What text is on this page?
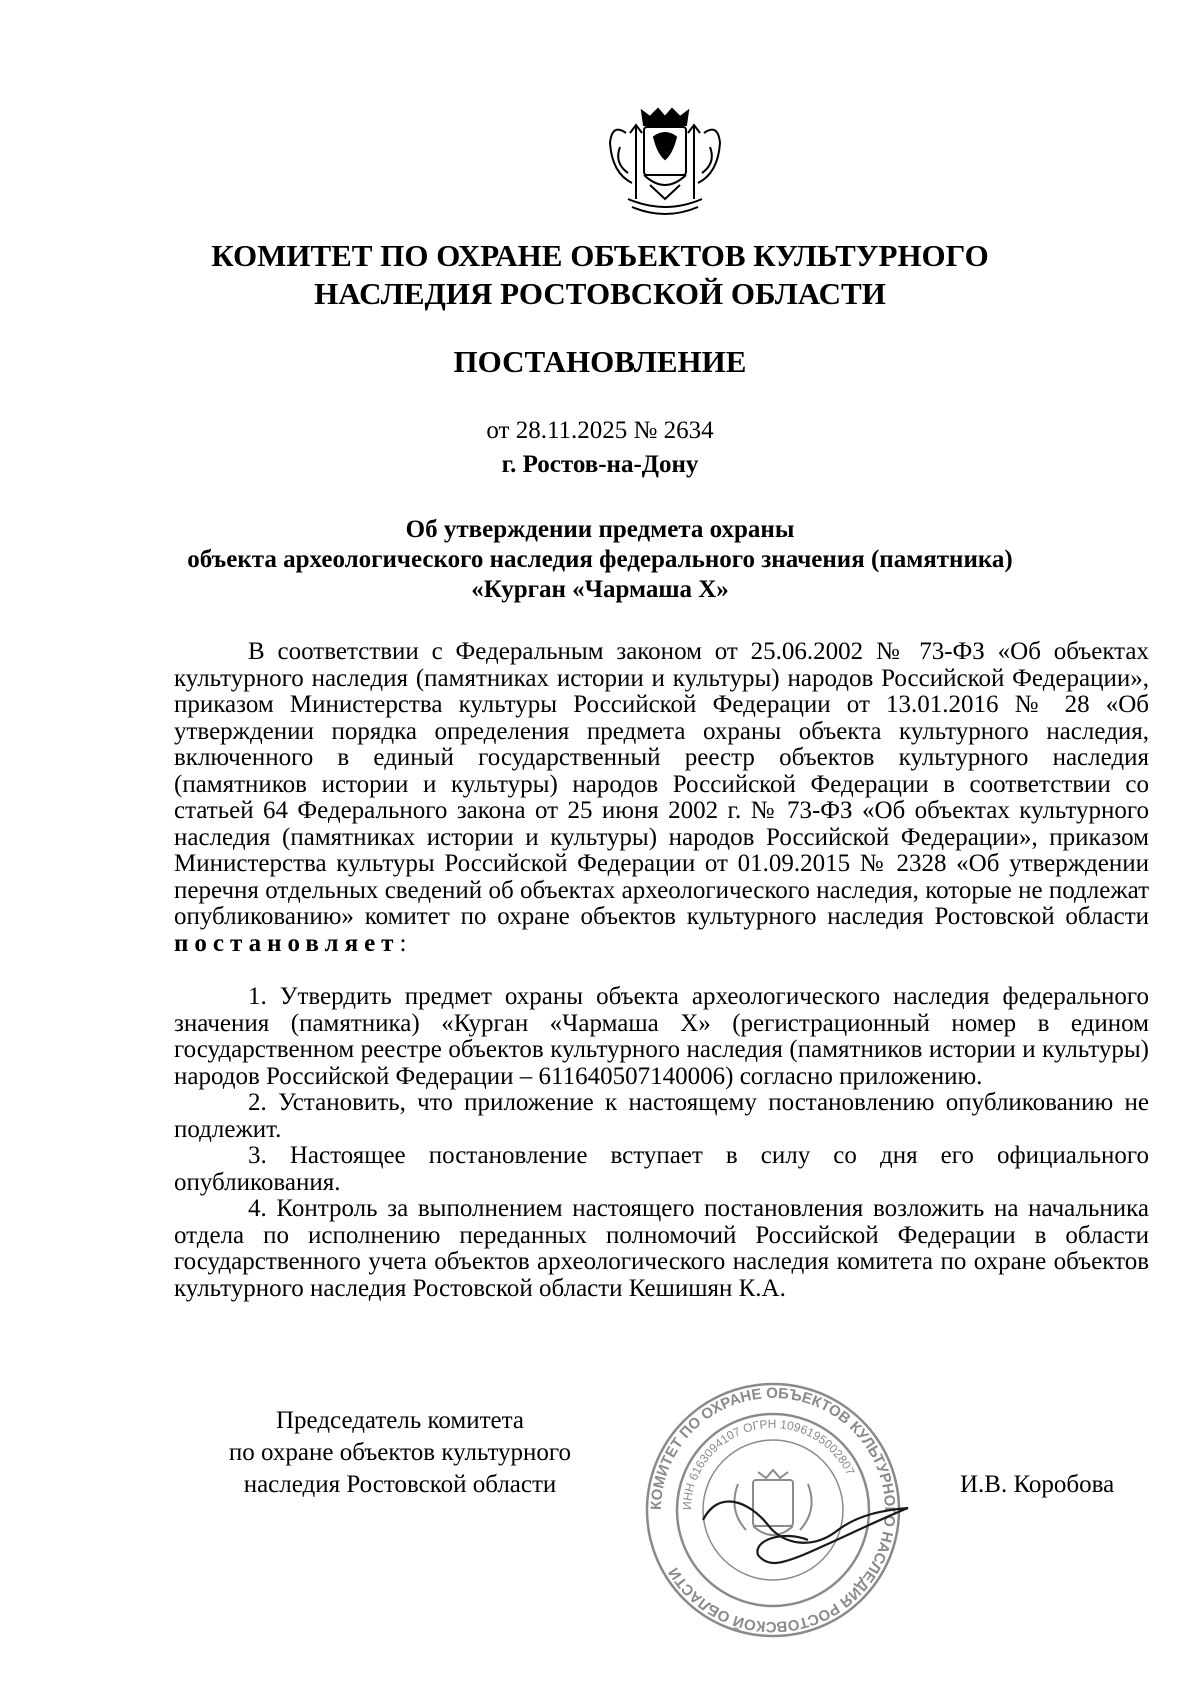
КОМИТЕТ ПО ОХРАНЕ ОБЪЕКТОВ КУЛЬТУРНОГО
НАСЛЕДИЯ РОСТОВСКОЙ ОБЛАСТИ
ПОСТАНОВЛЕНИЕ
от 28.11.2025 № 2634
г. Ростов-на-Дону
Об утверждении предмета охраны
объекта археологического наследия федерального значения (памятника)
«Курган «Чармаша X»

В соответствии с Федеральным законом от 25.06.2002 № 73-ФЗ «Об объектах культурного наследия (памятниках истории и культуры) народов Российской Федерации», приказом Министерства культуры Российской Федерации от 13.01.2016 № 28 «Об утверждении порядка определения предмета охраны объекта культурного наследия, включенного в единый государственный реестр объектов культурного наследия (памятников истории и культуры) народов Российской Федерации в соответствии со статьей 64 Федерального закона от 25 июня 2002 г. № 73-ФЗ «Об объектах культурного наследия (памятниках истории и культуры) народов Российской Федерации», приказом Министерства культуры Российской Федерации от 01.09.2015 № 2328 «Об утверждении перечня отдельных сведений об объектах археологического наследия, которые не подлежат опубликованию» комитет по охране объектов культурного наследия Ростовской области постановляет:

1. Утвердить предмет охраны объекта археологического наследия федерального значения (памятника) «Курган «Чармаша X» (регистрационный номер в едином государственном реестре объектов культурного наследия (памятников истории и культуры) народов Российской Федерации – 611640507140006) согласно приложению.

2. Установить, что приложение к настоящему постановлению опубликованию не подлежит.

3. Настоящее постановление вступает в силу со дня его официального опубликования.

4. Контроль за выполнением настоящего постановления возложить на начальника отдела по исполнению переданных полномочий Российской Федерации в области государственного учета объектов археологического наследия комитета по охране объектов культурного наследия Ростовской области Кешишян К.А.

Председатель комитета
по охране объектов культурного
наследия Ростовской области
КОМИТЕТ ПО ОХРАНЕ ОБЪЕКТОВ КУЛЬТУРНОГО НАСЛЕДИЯ РОСТОВСКОЙ ОБЛАСТИ
ИНН 6163094107 ОГРН 1096195002807	И.В. Коробова
